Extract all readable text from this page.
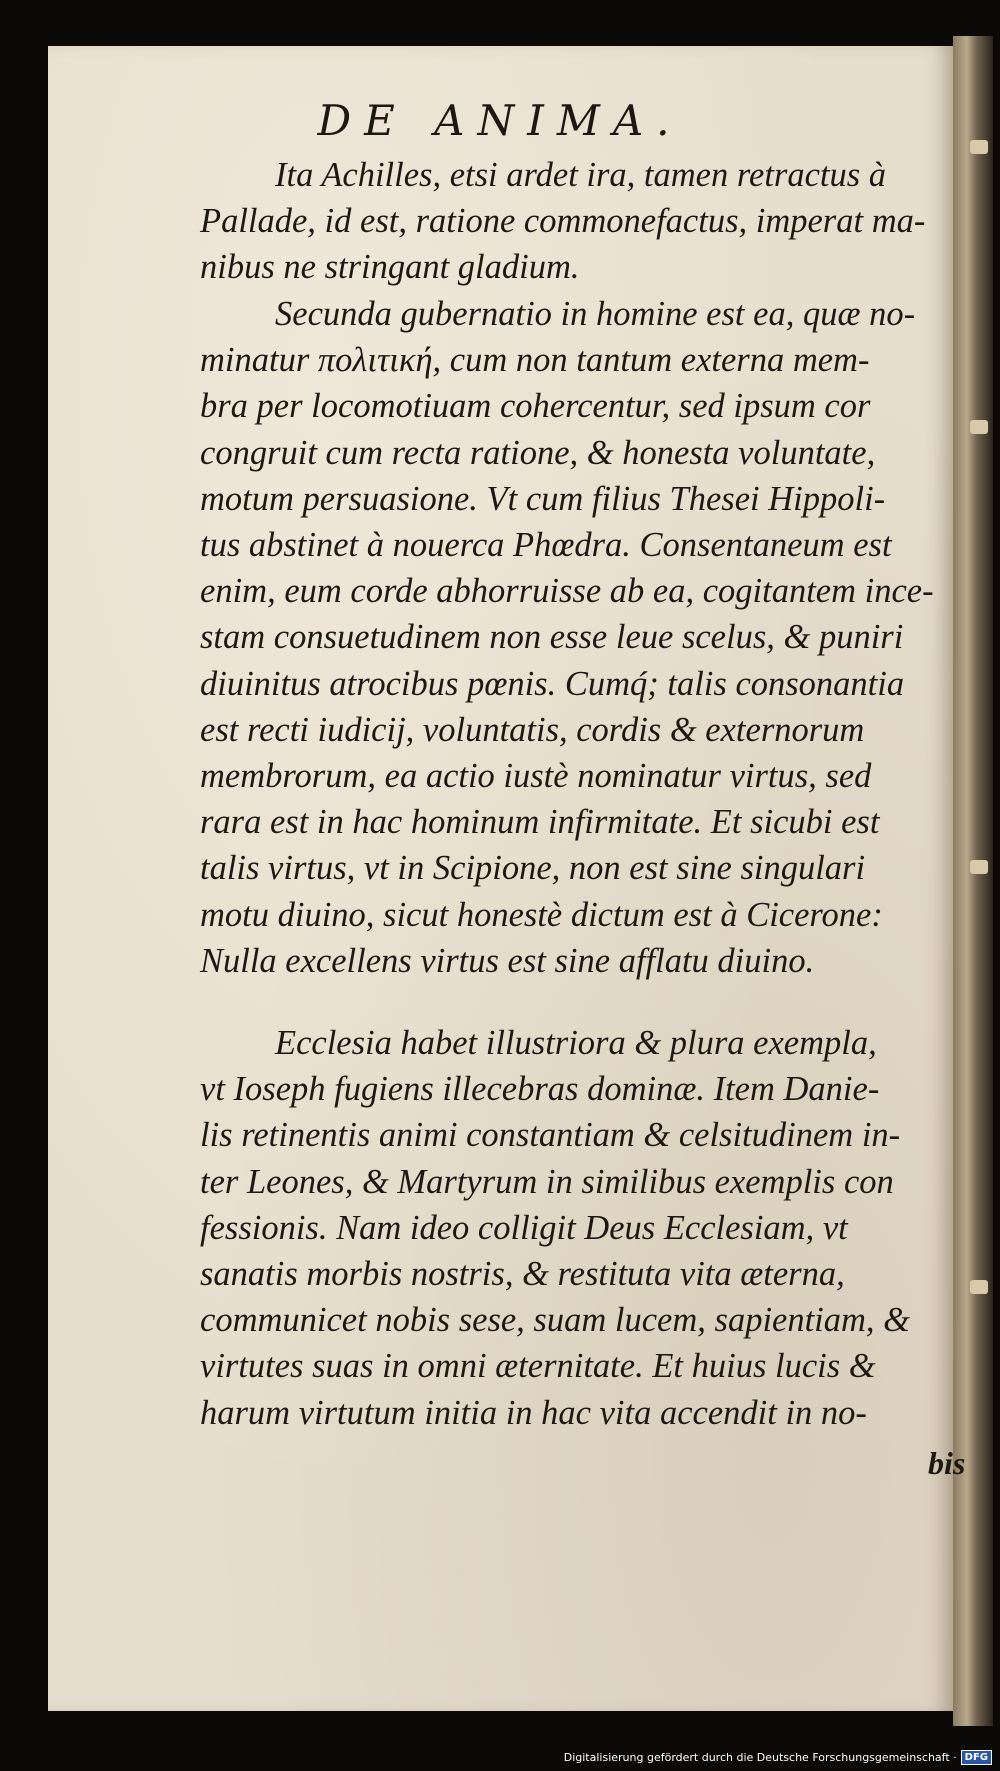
DE ANIMA.
Ita Achilles, etsi ardet ira, tamen retractus à
Pallade, id est, ratione commonefactus, imperat ma-
nibus ne stringant gladium.
Secunda gubernatio in homine est ea, quæ no-
minatur πολιτική, cum non tantum externa mem-
bra per locomotiuam cohercentur, sed ipsum cor
congruit cum recta ratione, & honesta voluntate,
motum persuasione. Vt cum filius Thesei Hippoli-
tus abstinet à nouerca Phœdra. Consentaneum est
enim, eum corde abhorruisse ab ea, cogitantem ince-
stam consuetudinem non esse leue scelus, & puniri
diuinitus atrocibus pœnis. Cumq́; talis consonantia
est recti iudicij, voluntatis, cordis & externorum
membrorum, ea actio iustè nominatur virtus, sed
rara est in hac hominum infirmitate. Et sicubi est
talis virtus, vt in Scipione, non est sine singulari
motu diuino, sicut honestè dictum est à Cicerone:
Nulla excellens virtus est sine afflatu diuino.
Ecclesia habet illustriora & plura exempla,
vt Ioseph fugiens illecebras dominæ. Item Danie-
lis retinentis animi constantiam & celsitudinem in-
ter Leones, & Martyrum in similibus exemplis con
fessionis. Nam ideo colligit Deus Ecclesiam, vt
sanatis morbis nostris, & restituta vita æterna,
communicet nobis sese, suam lucem, sapientiam, &
virtutes suas in omni æternitate. Et huius lucis &
harum virtutum initia in hac vita accendit in no-
bis
Digitalisierung gefördert durch die Deutsche Forschungsgemeinschaft · DFG
